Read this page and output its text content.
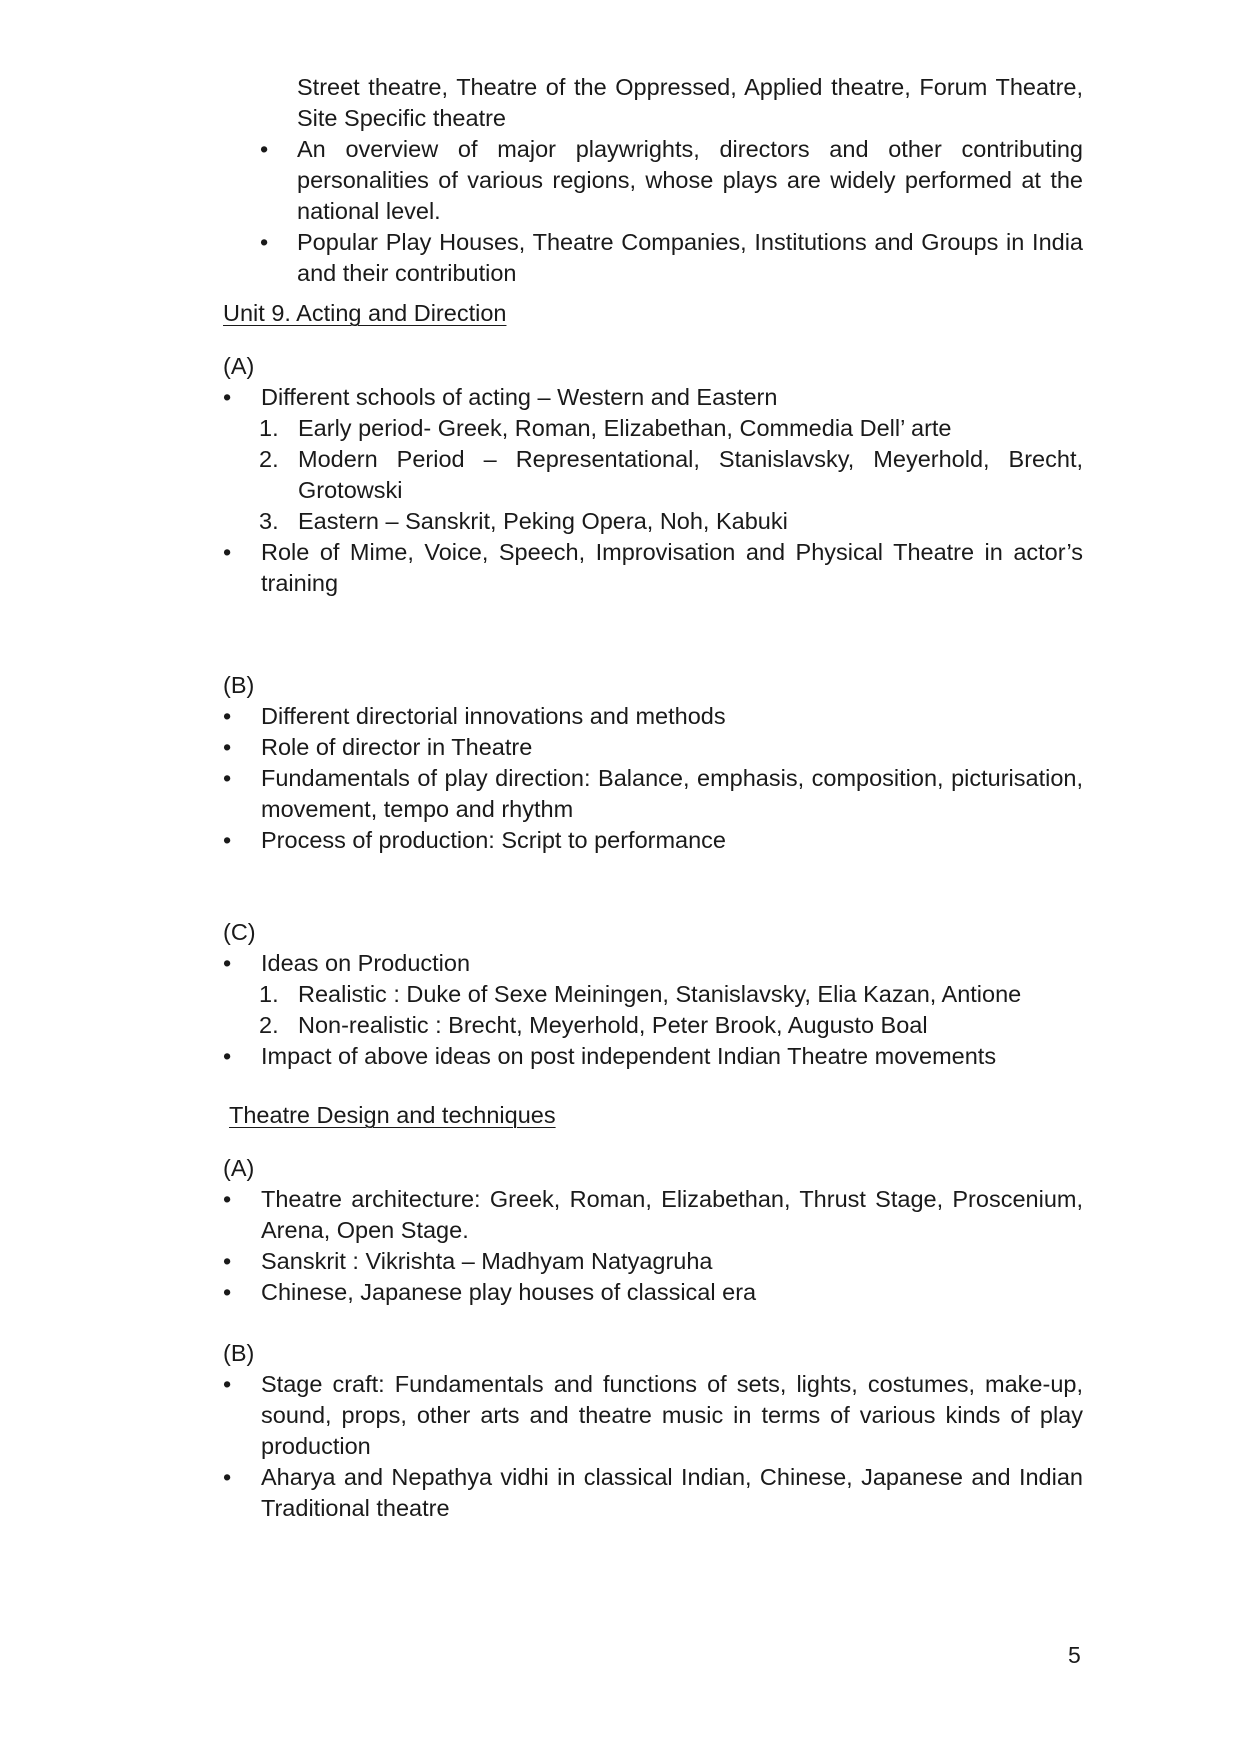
Street theatre, Theatre of the Oppressed, Applied theatre, Forum Theatre, Site Specific theatre
• An overview of major playwrights, directors and other contributing personalities of various regions, whose plays are widely performed at the national level.
• Popular Play Houses, Theatre Companies, Institutions and Groups in India and their contribution
Unit 9. Acting and Direction
(A)
•	Different schools of acting – Western and Eastern
1. Early period- Greek, Roman, Elizabethan, Commedia Dell’ arte
2. Modern Period – Representational, Stanislavsky, Meyerhold, Brecht, Grotowski
3. Eastern – Sanskrit, Peking Opera, Noh, Kabuki
•	Role of Mime, Voice, Speech, Improvisation and Physical Theatre in actor’s training
(B)
•	Different directorial innovations and methods
•	Role of director in Theatre
•	Fundamentals of play direction: Balance, emphasis, composition, picturisation, movement, tempo and rhythm
•	Process of production: Script to performance
(C)
•	Ideas on Production
1. Realistic : Duke of Sexe Meiningen, Stanislavsky, Elia Kazan, Antione
2. Non-realistic : Brecht, Meyerhold, Peter Brook, Augusto Boal
•	Impact of above ideas on post independent Indian Theatre movements
Theatre Design and techniques
(A)
•	Theatre architecture: Greek, Roman, Elizabethan, Thrust Stage, Proscenium, Arena, Open Stage.
•	Sanskrit : Vikrishta – Madhyam Natyagruha
•	Chinese, Japanese play houses of classical era
(B)
•	Stage craft: Fundamentals and functions of sets, lights, costumes, make-up, sound, props, other arts and theatre music in terms of various kinds of play production
•	Aharya and Nepathya vidhi in classical Indian, Chinese, Japanese and Indian Traditional theatre
5
